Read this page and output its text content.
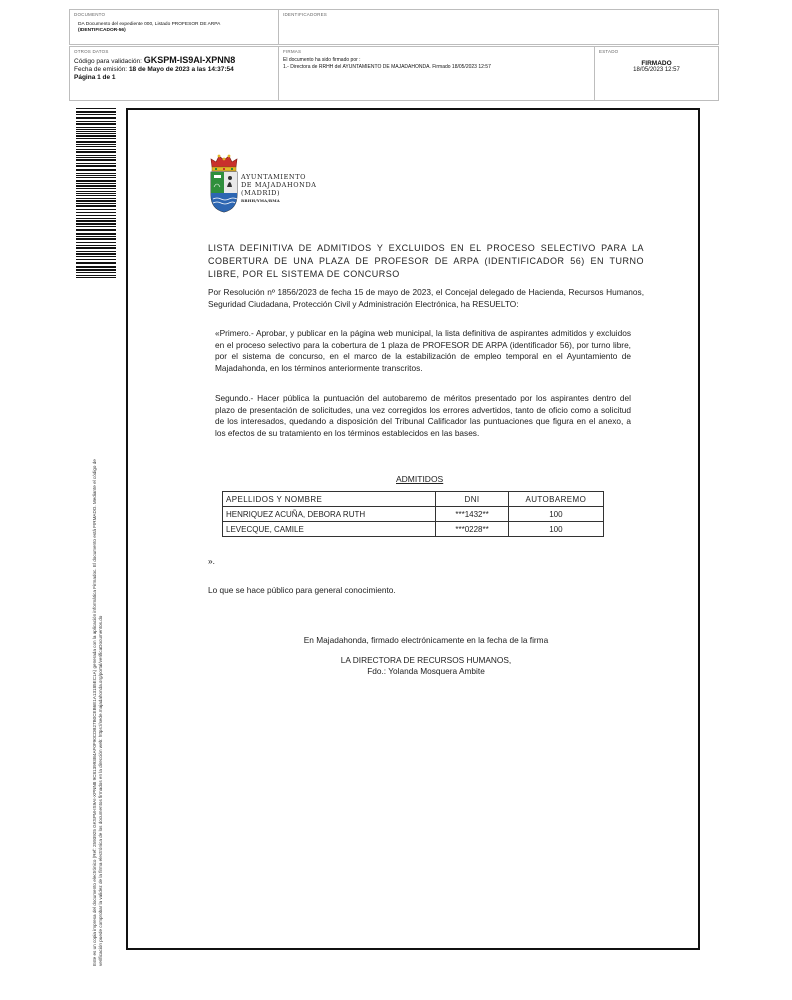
DOCUMENTO
DA Documento del expediente 000, Listado PROFESOR DE ARPA
(IDENTIFICADOR-56)
IDENTIFICADORES
OTROS DATOS
Código para validación: GKSPM-IS9AI-XPNN8
Fecha de emisión: 18 de Mayo de 2023 a las 14:37:54
Página 1 de 1
FIRMAS
El documento ha sido firmado por :
1.- Directora de RRHH del AYUNTAMIENTO DE MAJADAHONDA. Firmado 18/05/2023 12:57
ESTADO
FIRMADO
18/05/2023 12:57
Este es un copia impresa del documento electrónico (Ref: 2593925 GKSPM-IS9AI-XPNN8 9C813993B4AF0F90CDB27B0CEB6E1A13185EC1A) generada con la aplicación informática Firmadoc. El documento está FIRMADO. Mediante el código de verificación puede comprobar la validez de la firma electrónica de los documentos firmados en la dirección web: https://sede.majadahonda.org/portal/verificaDocumentos.do
AYUNTAMIENTO
DE MAJADAHONDA
(MADRID)
RRHH/YMA/BMA
LISTA DEFINITIVA DE ADMITIDOS Y EXCLUIDOS EN EL PROCESO SELECTIVO PARA LA COBERTURA DE UNA PLAZA DE PROFESOR DE ARPA (IDENTIFICADOR 56) EN TURNO LIBRE, POR EL SISTEMA DE CONCURSO
Por Resolución nº 1856/2023 de fecha 15 de mayo de 2023, el Concejal delegado de Hacienda, Recursos Humanos, Seguridad Ciudadana, Protección Civil y Administración Electrónica, ha RESUELTO:
«Primero.- Aprobar, y publicar en la página web municipal, la lista definitiva de aspirantes admitidos y excluidos en el proceso selectivo para la cobertura de 1 plaza de PROFESOR DE ARPA (identificador 56), por turno libre, por el sistema de concurso, en el marco de la estabilización de empleo temporal en el Ayuntamiento de Majadahonda, en los términos anteriormente transcritos.
Segundo.- Hacer pública la puntuación del autobaremo de méritos presentado por los aspirantes dentro del plazo de presentación de solicitudes, una vez corregidos los errores advertidos, tanto de oficio como a solicitud de los interesados, quedando a disposición del Tribunal Calificador las puntuaciones que figura en el anexo, a los efectos de su tratamiento en los términos establecidos en las bases.
ADMITIDOS
APELLIDOS Y NOMBRE	DNI	AUTOBAREMO
HENRIQUEZ ACUÑA, DEBORA RUTH	***1432**	100
LEVECQUE, CAMILE	***0228**	100
».
Lo que se hace público para general conocimiento.
En Majadahonda, firmado electrónicamente en la fecha de la firma
LA DIRECTORA DE RECURSOS HUMANOS,
Fdo.: Yolanda Mosquera Ambite
